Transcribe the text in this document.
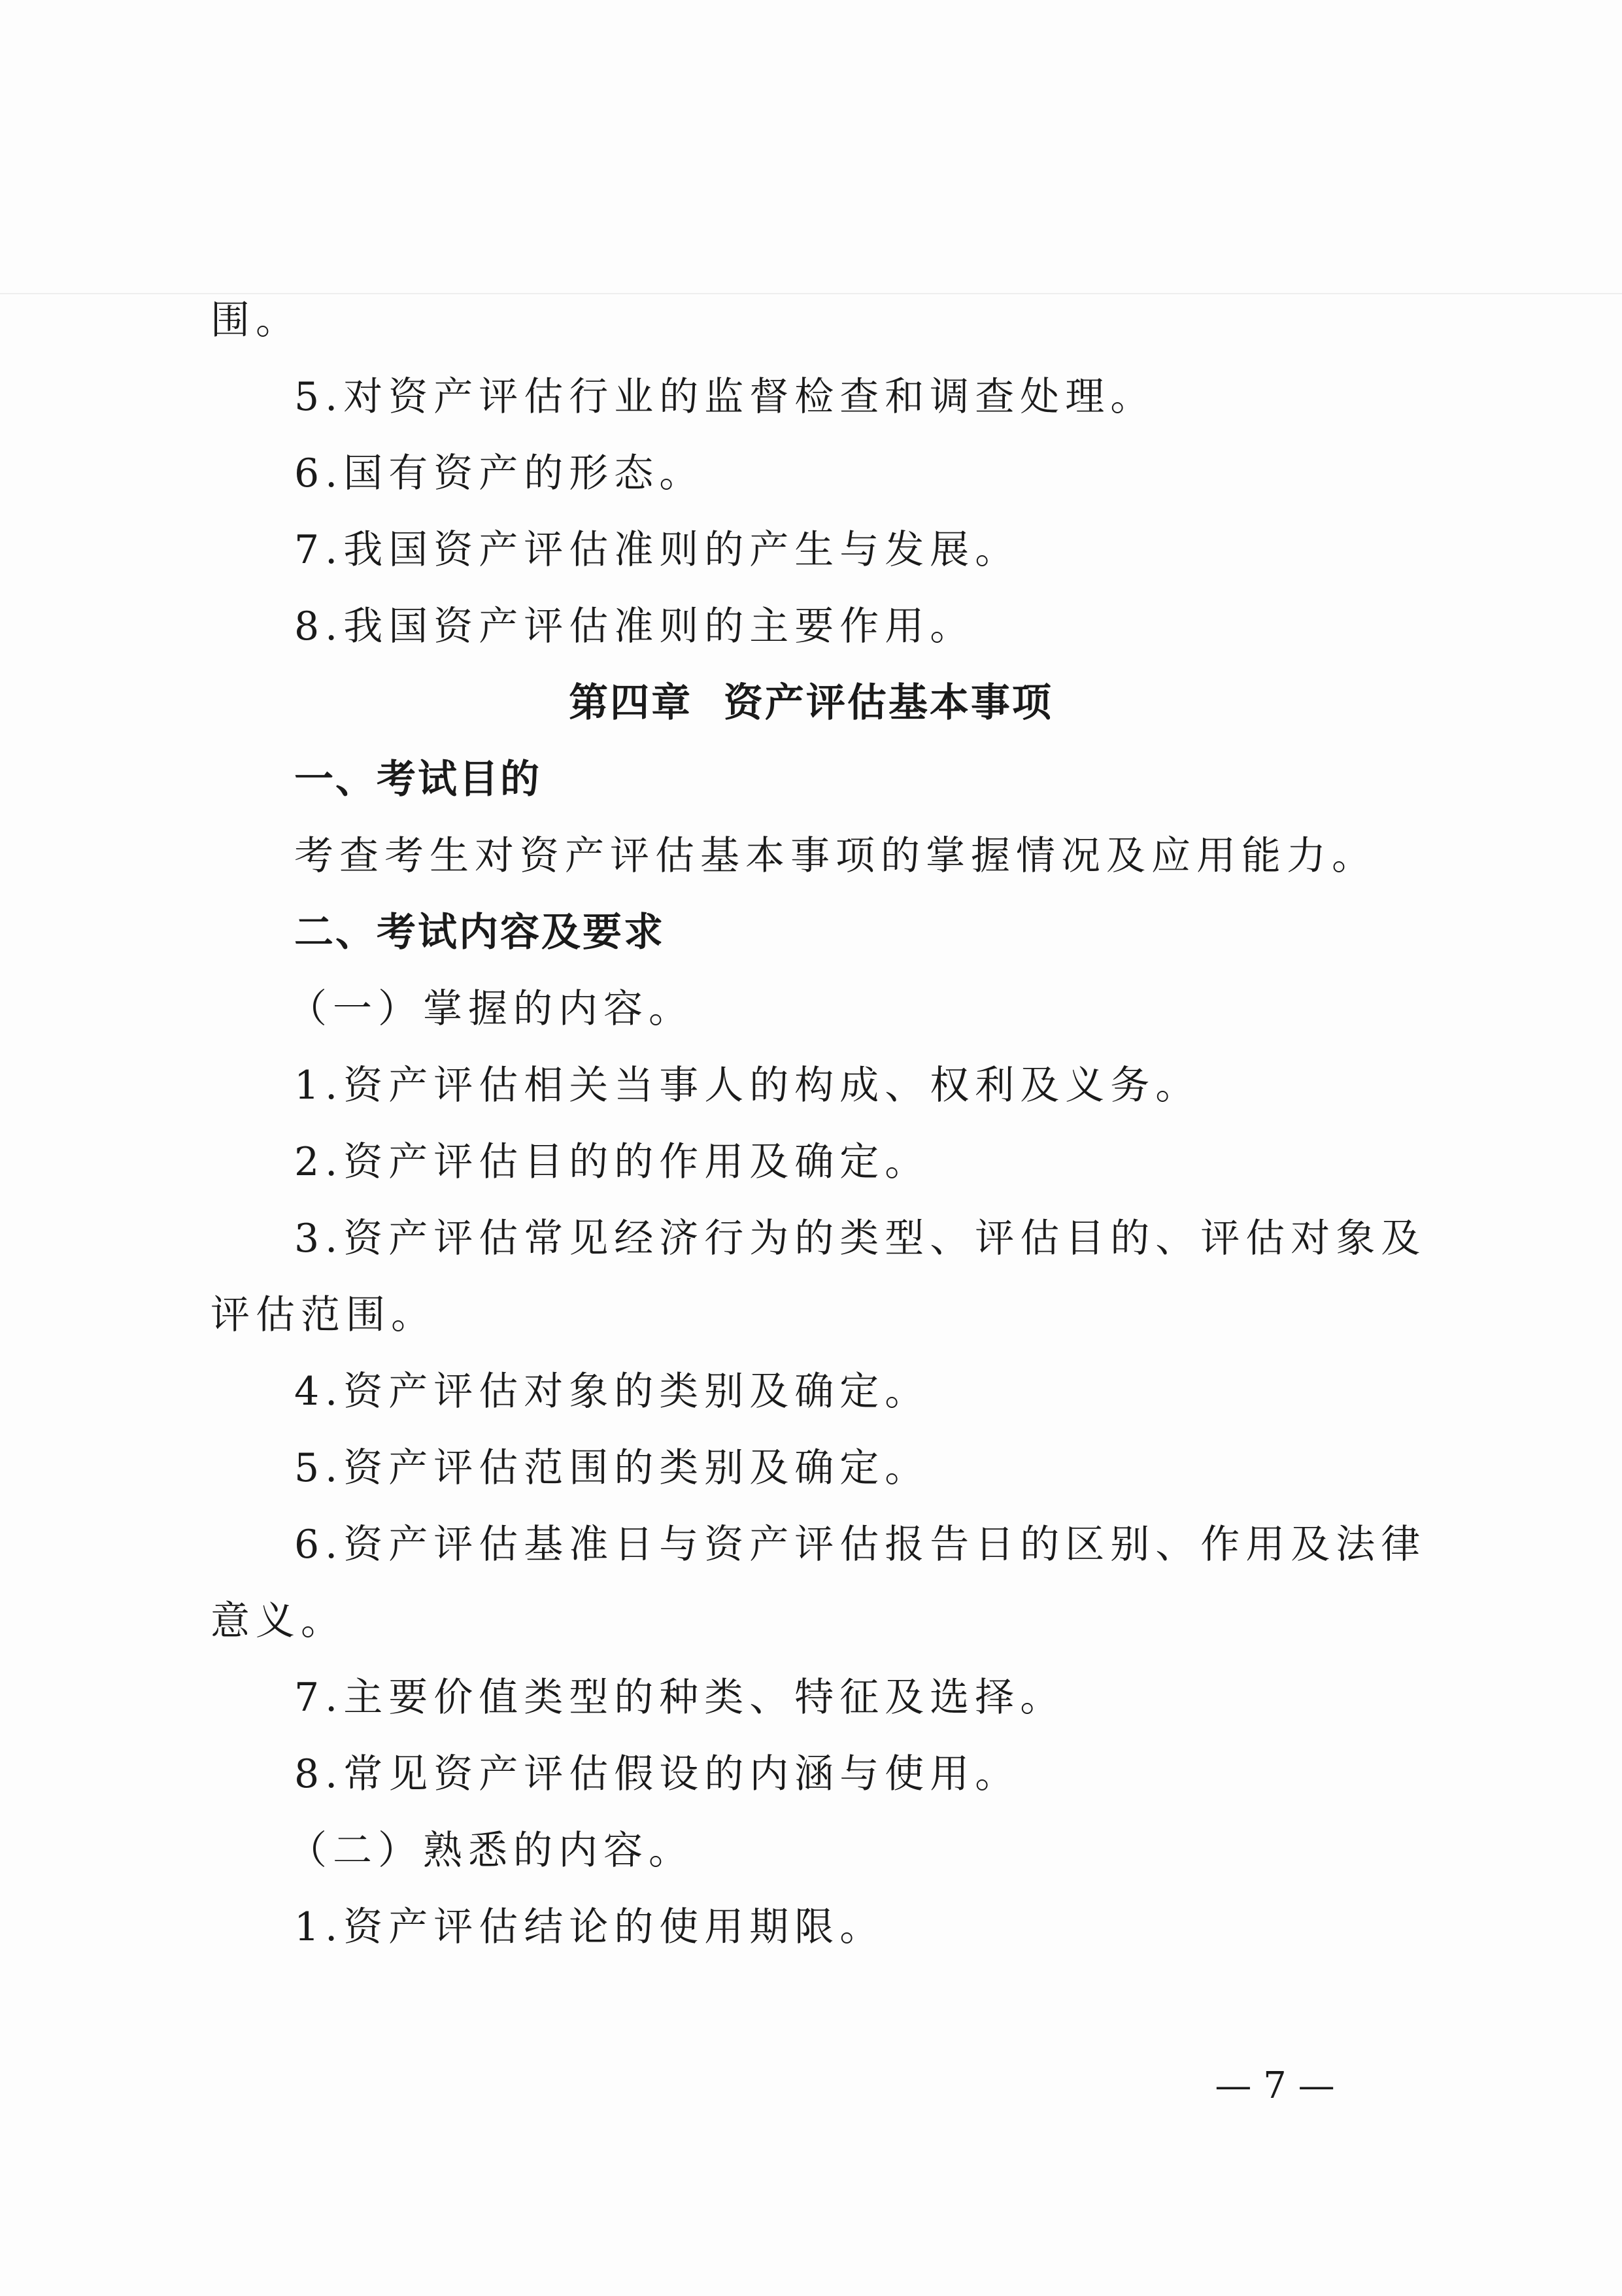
围。
5.对资产评估行业的监督检查和调查处理。
6.国有资产的形态。
7.我国资产评估准则的产生与发展。
8.我国资产评估准则的主要作用。
第四章  资产评估基本事项
一、考试目的
考查考生对资产评估基本事项的掌握情况及应用能力。
二、考试内容及要求
（一）掌握的内容。
1.资产评估相关当事人的构成、权利及义务。
2.资产评估目的的作用及确定。
3.资产评估常见经济行为的类型、评估目的、评估对象及
评估范围。
4.资产评估对象的类别及确定。
5.资产评估范围的类别及确定。
6.资产评估基准日与资产评估报告日的区别、作用及法律
意义。
7.主要价值类型的种类、特征及选择。
8.常见资产评估假设的内涵与使用。
（二）熟悉的内容。
1.资产评估结论的使用期限。
— 7 —
